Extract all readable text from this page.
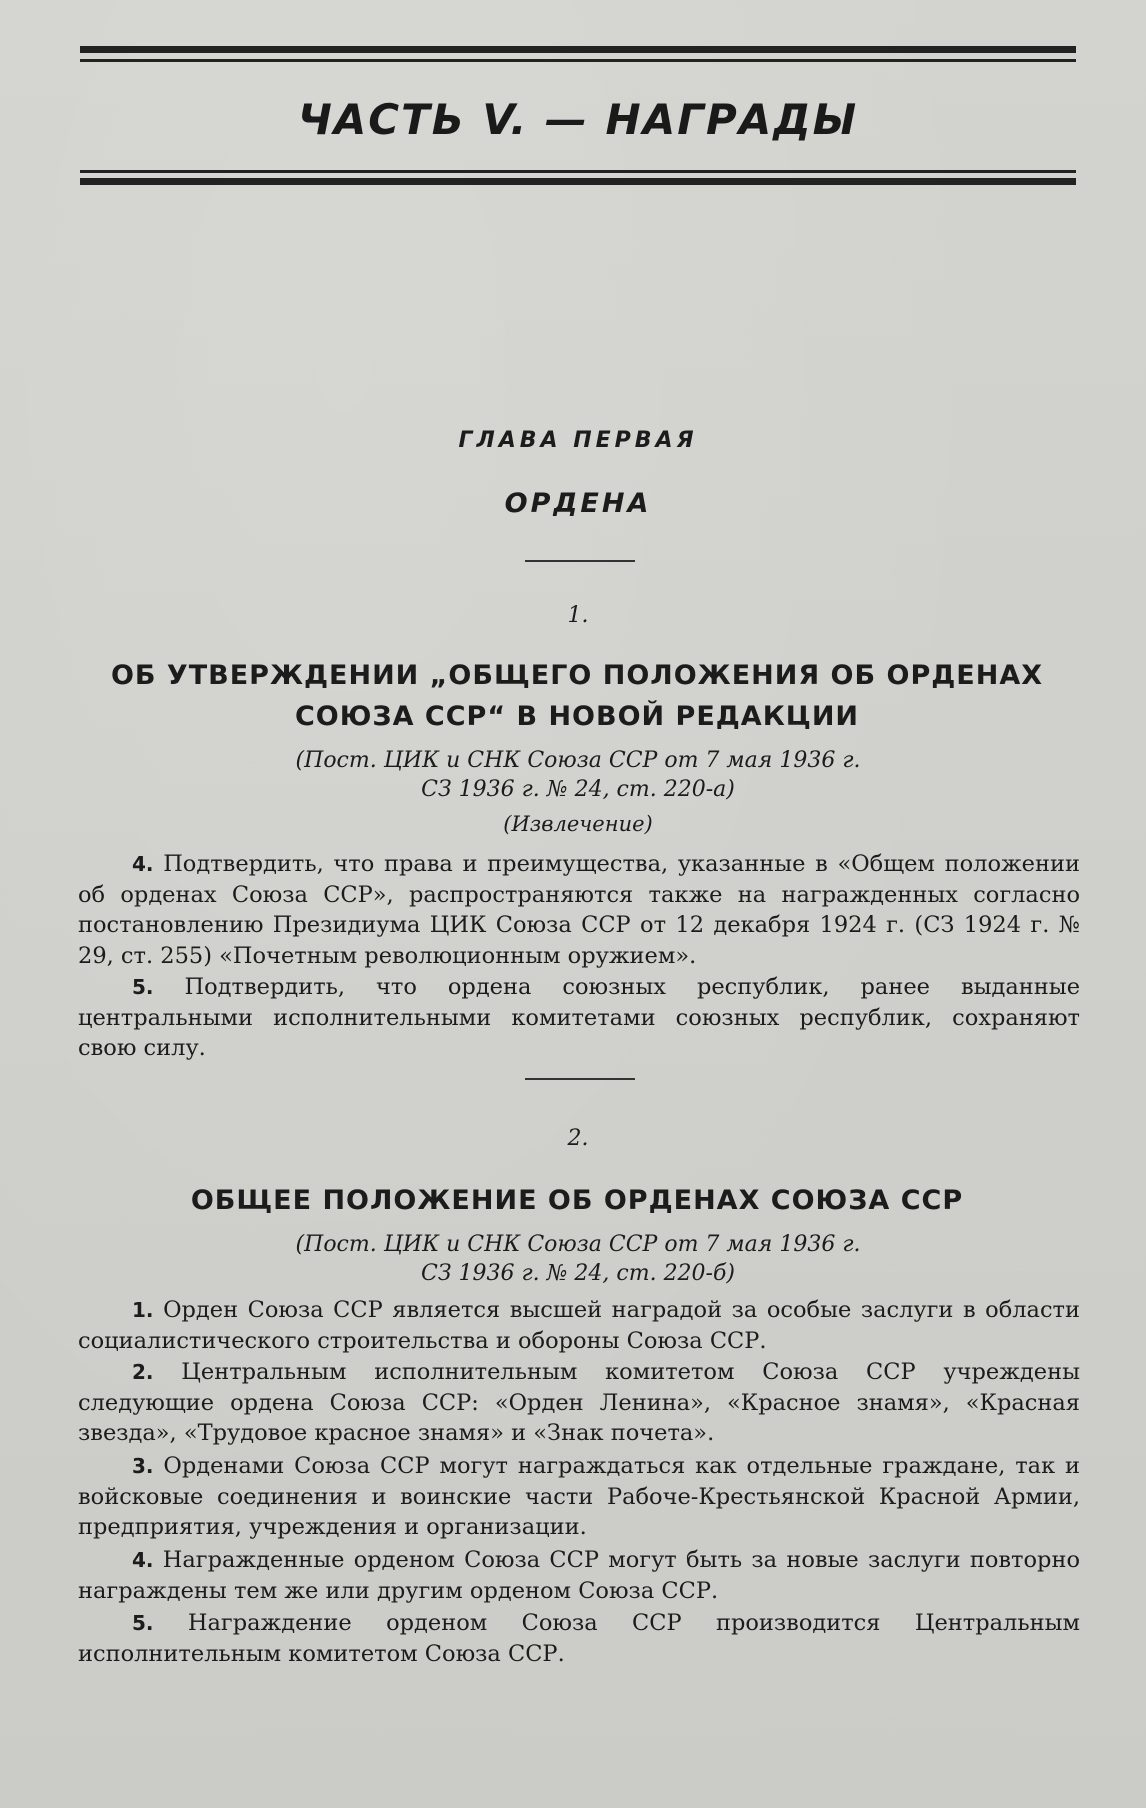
ЧАСТЬ V. — НАГРАДЫ
ГЛАВА ПЕРВАЯ
ОРДЕНА
1.
ОБ УТВЕРЖДЕНИИ „ОБЩЕГО ПОЛОЖЕНИЯ ОБ ОРДЕНАХ
СОЮЗА ССР“ В НОВОЙ РЕДАКЦИИ
(Пост. ЦИК и СНК Союза ССР от 7 мая 1936 г.
СЗ 1936 г. № 24, ст. 220-а)
(Извлечение)

4. Подтвердить, что права и преимущества, указанные в «Общем положении об орденах Союза ССР», распространяются также на награжденных согласно постановлению Президиума ЦИК Союза ССР от 12 декабря 1924 г. (СЗ 1924 г. № 29, ст. 255) «Почетным революционным оружием».

5. Подтвердить, что ордена союзных республик, ранее выданные центральными исполнительными комитетами союзных республик, сохраняют свою силу.

2.
ОБЩЕЕ ПОЛОЖЕНИЕ ОБ ОРДЕНАХ СОЮЗА ССР
(Пост. ЦИК и СНК Союза ССР от 7 мая 1936 г.
СЗ 1936 г. № 24, ст. 220-б)

1. Орден Союза ССР является высшей наградой за особые заслуги в области социалистического строительства и обороны Союза ССР.

2. Центральным исполнительным комитетом Союза ССР учреждены следующие ордена Союза ССР: «Орден Ленина», «Красное знамя», «Красная звезда», «Трудовое красное знамя» и «Знак почета».

3. Орденами Союза ССР могут награждаться как отдельные граждане, так и войсковые соединения и воинские части Рабоче-Крестьянской Красной Армии, предприятия, учреждения и организации.

4. Награжденные орденом Союза ССР могут быть за новые заслуги повторно награждены тем же или другим орденом Союза ССР.

5. Награждение орденом Союза ССР производится Центральным исполнительным комитетом Союза ССР.
